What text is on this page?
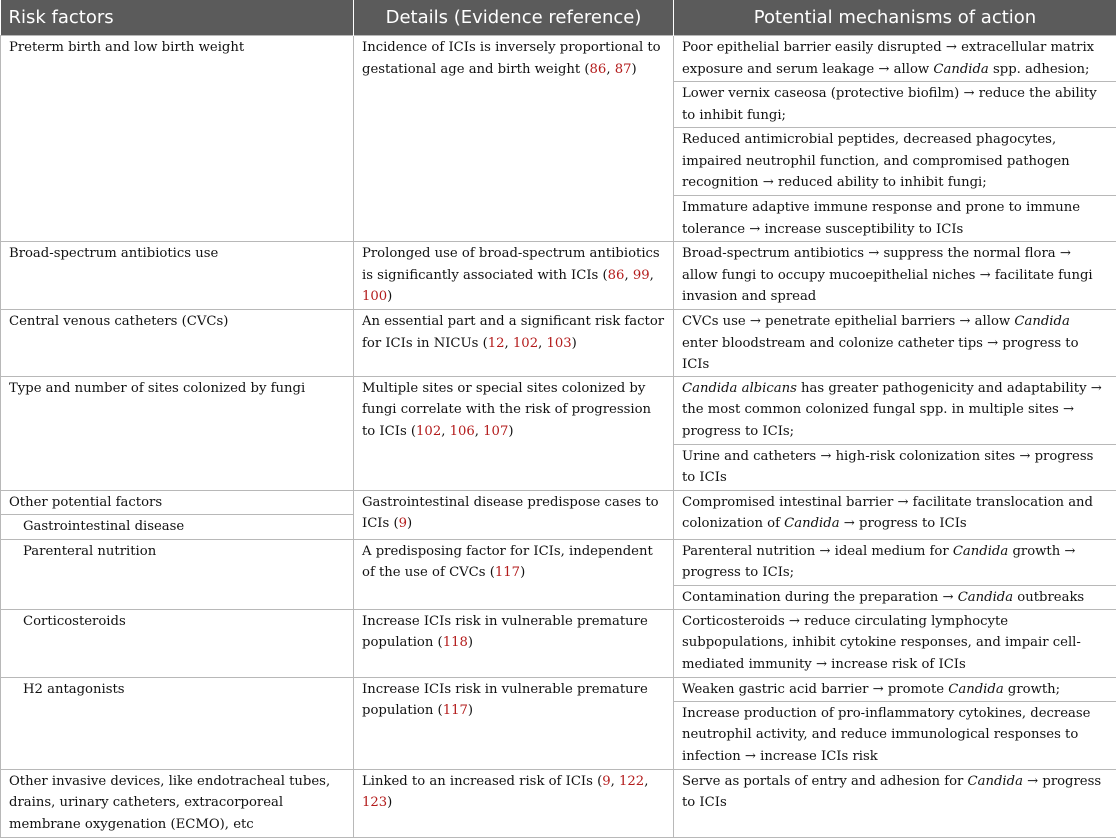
Risk factors	Details (Evidence reference)	Potential mechanisms of action
Preterm birth and low birth weight	Incidence of ICIs is inversely proportional to gestational age and birth weight (86, 87)	Poor epithelial barrier easily disrupted → extracellular matrix exposure and serum leakage → allow Candida spp. adhesion;
		Lower vernix caseosa (protective biofilm) → reduce the ability to inhibit fungi;
		Reduced antimicrobial peptides, decreased phagocytes, impaired neutrophil function, and compromised pathogen recognition → reduced ability to inhibit fungi;
		Immature adaptive immune response and prone to immune tolerance → increase susceptibility to ICIs
Broad-spectrum antibiotics use	Prolonged use of broad-spectrum antibiotics is significantly associated with ICIs (86, 99, 100)	Broad-spectrum antibiotics → suppress the normal flora → allow fungi to occupy mucoepithelial niches → facilitate fungi invasion and spread
Central venous catheters (CVCs)	An essential part and a significant risk factor for ICIs in NICUs (12, 102, 103)	CVCs use → penetrate epithelial barriers → allow Candida enter bloodstream and colonize catheter tips → progress to ICIs
Type and number of sites colonized by fungi	Multiple sites or special sites colonized by fungi correlate with the risk of progression to ICIs (102, 106, 107)	Candida albicans has greater pathogenicity and adaptability → the most common colonized fungal spp. in multiple sites → progress to ICIs;
		Urine and catheters → high-risk colonization sites → progress to ICIs
Other potential factors	Gastrointestinal disease predispose cases to ICIs (9)	Compromised intestinal barrier → facilitate translocation and colonization of Candida → progress to ICIs
Gastrointestinal disease		
Parenteral nutrition	A predisposing factor for ICIs, independent of the use of CVCs (117)	Parenteral nutrition → ideal medium for Candida growth → progress to ICIs;
		Contamination during the preparation → Candida outbreaks
Corticosteroids	Increase ICIs risk in vulnerable premature population (118)	Corticosteroids → reduce circulating lymphocyte subpopulations, inhibit cytokine responses, and impair cell-mediated immunity → increase risk of ICIs
H2 antagonists	Increase ICIs risk in vulnerable premature population (117)	Weaken gastric acid barrier → promote Candida growth;
		Increase production of pro-inflammatory cytokines, decrease neutrophil activity, and reduce immunological responses to infection → increase ICIs risk
Other invasive devices, like endotracheal tubes, drains, urinary catheters, extracorporeal membrane oxygenation (ECMO), etc	Linked to an increased risk of ICIs (9, 122, 123)	Serve as portals of entry and adhesion for Candida → progress to ICIs
